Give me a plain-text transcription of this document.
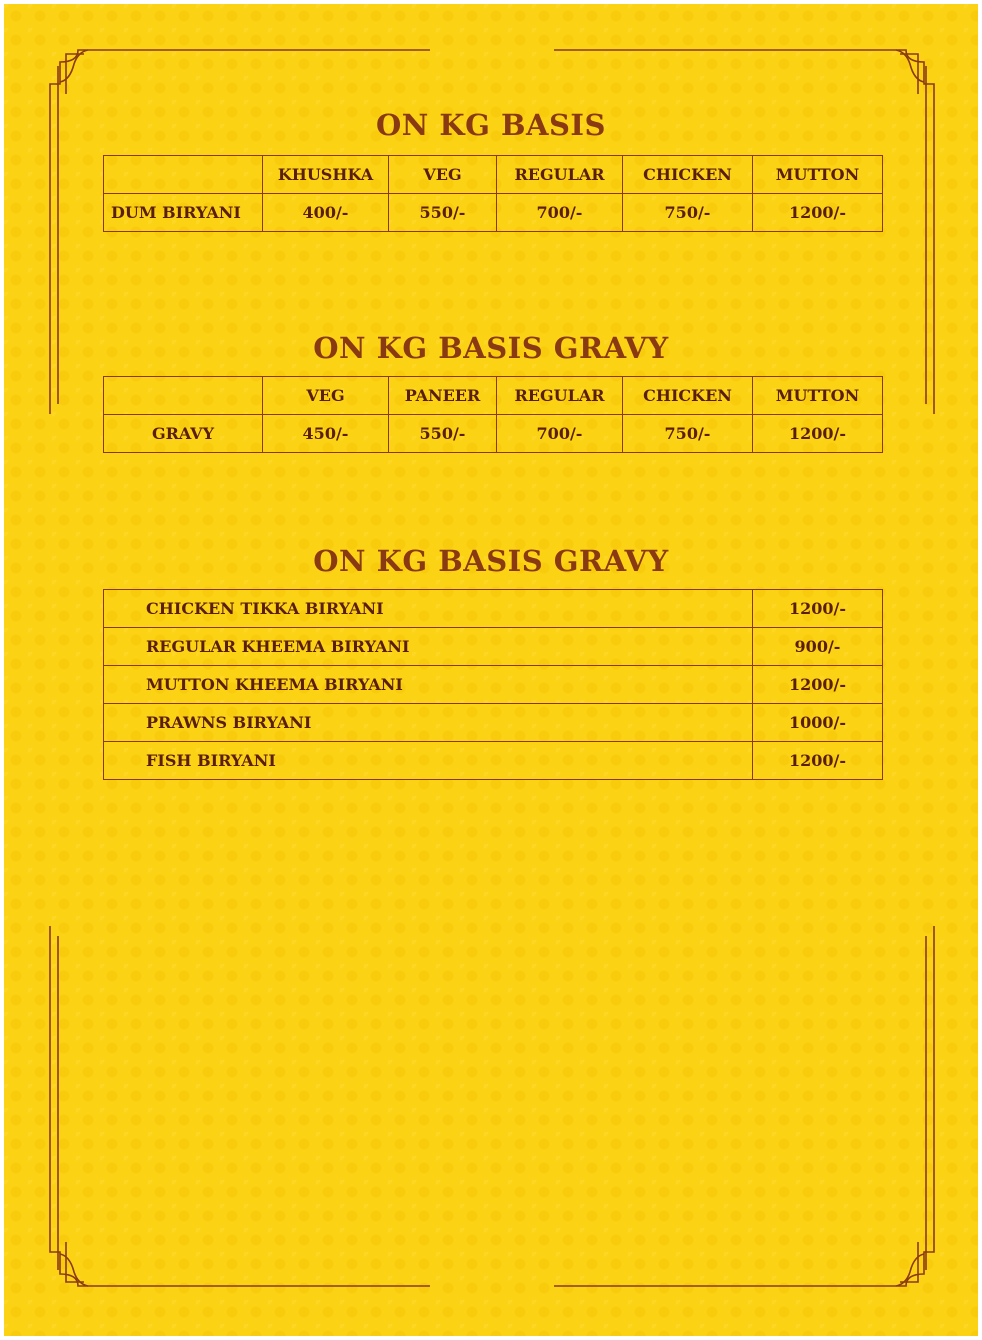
ON KG BASIS
	KHUSHKA	VEG	REGULAR	CHICKEN	MUTTON
DUM BIRYANI	400/-	550/-	700/-	750/-	1200/-
ON KG BASIS GRAVY
	VEG	PANEER	REGULAR	CHICKEN	MUTTON
GRAVY	450/-	550/-	700/-	750/-	1200/-
ON KG BASIS GRAVY
CHICKEN TIKKA BIRYANI	1200/-
REGULAR KHEEMA BIRYANI	900/-
MUTTON KHEEMA BIRYANI	1200/-
PRAWNS BIRYANI	1000/-
FISH BIRYANI	1200/-
